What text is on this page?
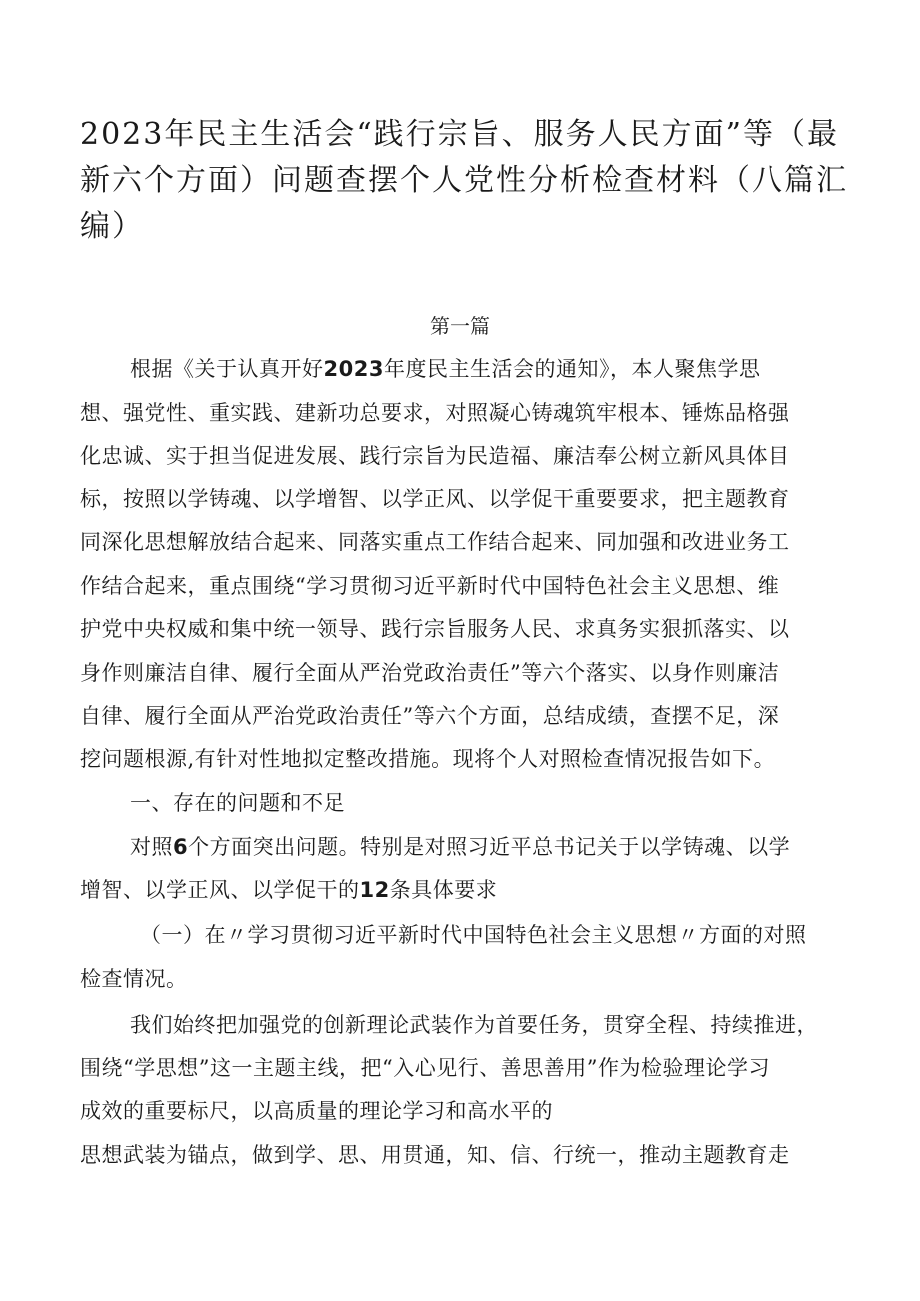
2023年民主生活会“践行宗旨、服务人民方面”等（最新六个方面）问题查摆个人党性分析检查材料（八篇汇编）

第一篇

根据《关于认真开好2023年度民主生活会的通知》，本人聚焦学思

想、强党性、重实践、建新功总要求，对照凝心铸魂筑牢根本、锤炼品格强

化忠诚、实于担当促进发展、践行宗旨为民造福、廉洁奉公树立新风具体目

标，按照以学铸魂、以学增智、以学正风、以学促干重要要求，把主题教育

同深化思想解放结合起来、同落实重点工作结合起来、同加强和改进业务工

作结合起来，重点围绕“学习贯彻习近平新时代中国特色社会主义思想、维

护党中央权威和集中统一领导、践行宗旨服务人民、求真务实狠抓落实、以

身作则廉洁自律、履行全面从严治党政治责任”等六个落实、以身作则廉洁

自律、履行全面从严治党政治责任”等六个方面，总结成绩，查摆不足，深

挖问题根源,有针对性地拟定整改措施。现将个人对照检查情况报告如下。

一、存在的问题和不足

对照6个方面突出问题。特别是对照习近平总书记关于以学铸魂、以学

增智、以学正风、以学促干的12条具体要求

（一）在〃学习贯彻习近平新时代中国特色社会主义思想〃方面的对照

检查情况。

我们始终把加强党的创新理论武装作为首要任务，贯穿全程、持续推进，

围绕“学思想”这一主题主线，把“入心见行、善思善用”作为检验理论学习

成效的重要标尺，以高质量的理论学习和高水平的

思想武装为锚点，做到学、思、用贯通，知、信、行统一，推动主题教育走
